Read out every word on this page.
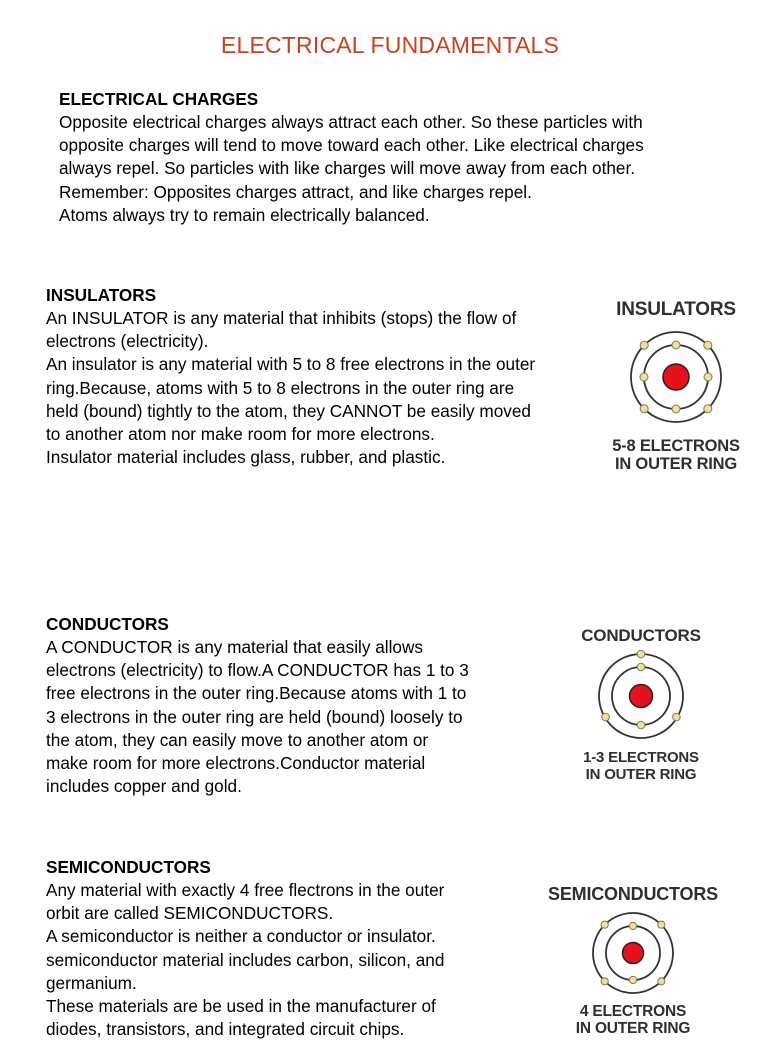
ELECTRICAL FUNDAMENTALS
ELECTRICAL CHARGES

Opposite electrical charges always attract each other. So these particles with

opposite charges will tend to move toward each other. Like electrical charges

always repel. So particles with like charges will move away from each other.

Remember: Opposites charges attract, and like charges repel.

Atoms always try to remain electrically balanced.

INSULATORS

An INSULATOR is any material that inhibits (stops) the flow of

electrons (electricity).

An insulator is any material with 5 to 8 free electrons in the outer

ring.Because, atoms with 5 to 8 electrons in the outer ring are

held (bound) tightly to the atom, they CANNOT be easily moved

to another atom nor make room for more electrons.

Insulator material includes glass, rubber, and plastic.

INSULATORS
5-8 ELECTRONS
IN OUTER RING
CONDUCTORS

A CONDUCTOR is any material that easily allows

electrons (electricity) to flow.A CONDUCTOR has 1 to 3

free electrons in the outer ring.Because atoms with 1 to

3 electrons in the outer ring are held (bound) loosely to

the atom, they can easily move to another atom or

make room for more electrons.Conductor material

includes copper and gold.

CONDUCTORS
1-3 ELECTRONS
IN OUTER RING
SEMICONDUCTORS

Any material with exactly 4 free flectrons in the outer

orbit are called SEMICONDUCTORS.

A semiconductor is neither a conductor or insulator.

semiconductor material includes carbon, silicon, and

germanium.

These materials are be used in the manufacturer of

diodes, transistors, and integrated circuit chips.

SEMICONDUCTORS
4 ELECTRONS
IN OUTER RING
